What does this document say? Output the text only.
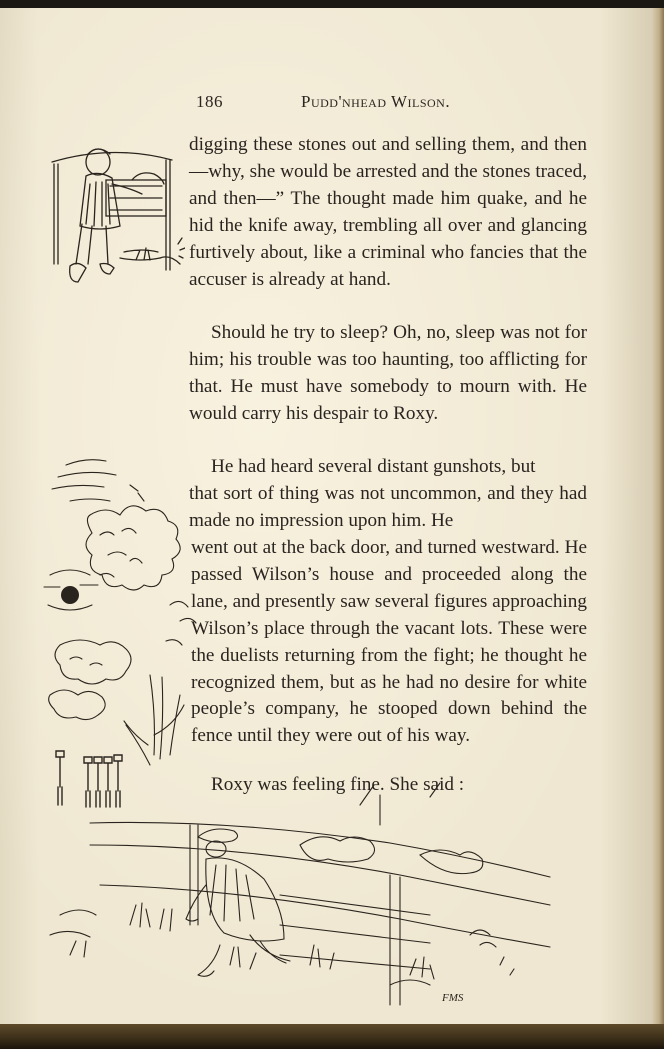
186	Pudd'nhead Wilson.
FMS

digging these stones out and selling them, and then—why, she would be arrested and the stones traced, and then—” The thought made him quake, and he hid the knife away, trembling all over and glancing furtively about, like a criminal who fancies that the accuser is already at hand.

Should he try to sleep? Oh, no, sleep was not for him; his trouble was too haunting, too afflicting for that. He must have somebody to mourn with. He would carry his despair to Roxy.

He had heard several distant gunshots, but

that sort of thing was not uncommon, and they had made no impression upon him. He

went out at the back door, and turned westward. He passed Wilson’s house and proceeded along the lane, and presently saw several figures approaching Wilson’s place through the vacant lots. These were the duelists returning from the fight; he thought he recognized them, but as he had no desire for white people’s company, he stooped down behind the fence until they were out of his way.

Roxy was feeling fine. She said :
